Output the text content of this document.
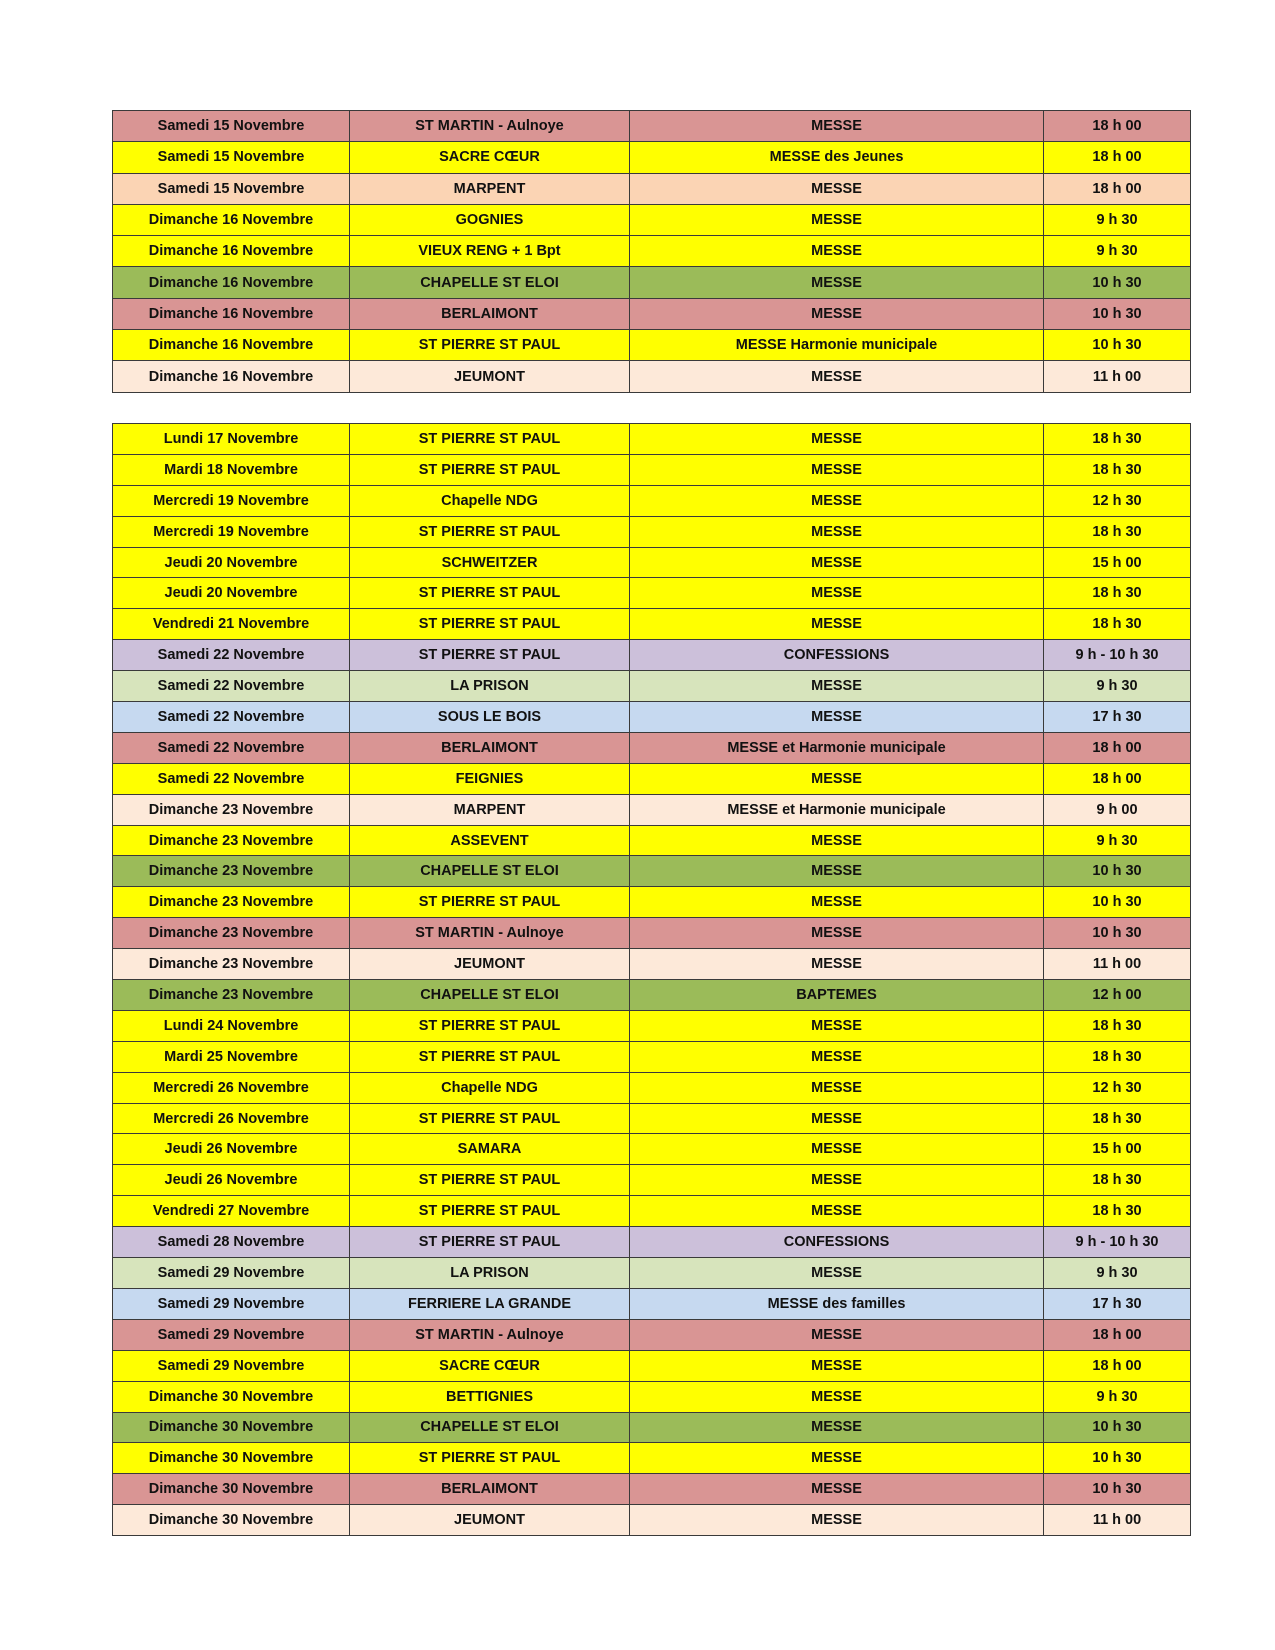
Samedi 15 Novembre	ST MARTIN - Aulnoye	MESSE	18 h 00
Samedi 15 Novembre	SACRE CŒUR	MESSE des Jeunes	18 h 00
Samedi 15 Novembre	MARPENT	MESSE	18 h 00
Dimanche 16 Novembre	GOGNIES	MESSE	9 h 30
Dimanche 16 Novembre	VIEUX RENG + 1 Bpt	MESSE	9 h 30
Dimanche 16 Novembre	CHAPELLE ST ELOI	MESSE	10 h 30
Dimanche 16 Novembre	BERLAIMONT	MESSE	10 h 30
Dimanche 16 Novembre	ST PIERRE ST PAUL	MESSE Harmonie municipale	10 h 30
Dimanche 16 Novembre	JEUMONT	MESSE	11 h 00
Lundi 17 Novembre	ST PIERRE ST PAUL	MESSE	18 h 30
Mardi 18 Novembre	ST PIERRE ST PAUL	MESSE	18 h 30
Mercredi 19 Novembre	Chapelle NDG	MESSE	12 h 30
Mercredi 19 Novembre	ST PIERRE ST PAUL	MESSE	18 h 30
Jeudi 20 Novembre	SCHWEITZER	MESSE	15 h 00
Jeudi 20 Novembre	ST PIERRE ST PAUL	MESSE	18 h 30
Vendredi 21 Novembre	ST PIERRE ST PAUL	MESSE	18 h 30
Samedi 22 Novembre	ST PIERRE ST PAUL	CONFESSIONS	9 h - 10 h 30
Samedi 22 Novembre	LA PRISON	MESSE	9 h 30
Samedi 22 Novembre	SOUS LE BOIS	MESSE	17 h 30
Samedi 22 Novembre	BERLAIMONT	MESSE et Harmonie municipale	18 h 00
Samedi 22 Novembre	FEIGNIES	MESSE	18 h 00
Dimanche 23 Novembre	MARPENT	MESSE et Harmonie municipale	9 h 00
Dimanche 23 Novembre	ASSEVENT	MESSE	9 h 30
Dimanche 23 Novembre	CHAPELLE ST ELOI	MESSE	10 h 30
Dimanche 23 Novembre	ST PIERRE ST PAUL	MESSE	10 h 30
Dimanche 23 Novembre	ST MARTIN - Aulnoye	MESSE	10 h 30
Dimanche 23 Novembre	JEUMONT	MESSE	11 h 00
Dimanche 23 Novembre	CHAPELLE ST ELOI	BAPTEMES	12 h 00
Lundi 24 Novembre	ST PIERRE ST PAUL	MESSE	18 h 30
Mardi 25 Novembre	ST PIERRE ST PAUL	MESSE	18 h 30
Mercredi 26 Novembre	Chapelle NDG	MESSE	12 h 30
Mercredi 26 Novembre	ST PIERRE ST PAUL	MESSE	18 h 30
Jeudi 26 Novembre	SAMARA	MESSE	15 h 00
Jeudi 26 Novembre	ST PIERRE ST PAUL	MESSE	18 h 30
Vendredi 27 Novembre	ST PIERRE ST PAUL	MESSE	18 h 30
Samedi 28 Novembre	ST PIERRE ST PAUL	CONFESSIONS	9 h - 10 h 30
Samedi 29 Novembre	LA PRISON	MESSE	9 h 30
Samedi 29 Novembre	FERRIERE LA GRANDE	MESSE des familles	17 h 30
Samedi 29 Novembre	ST MARTIN - Aulnoye	MESSE	18 h 00
Samedi 29 Novembre	SACRE CŒUR	MESSE	18 h 00
Dimanche 30 Novembre	BETTIGNIES	MESSE	9 h 30
Dimanche 30 Novembre	CHAPELLE ST ELOI	MESSE	10 h 30
Dimanche 30 Novembre	ST PIERRE ST PAUL	MESSE	10 h 30
Dimanche 30 Novembre	BERLAIMONT	MESSE	10 h 30
Dimanche 30 Novembre	JEUMONT	MESSE	11 h 00
